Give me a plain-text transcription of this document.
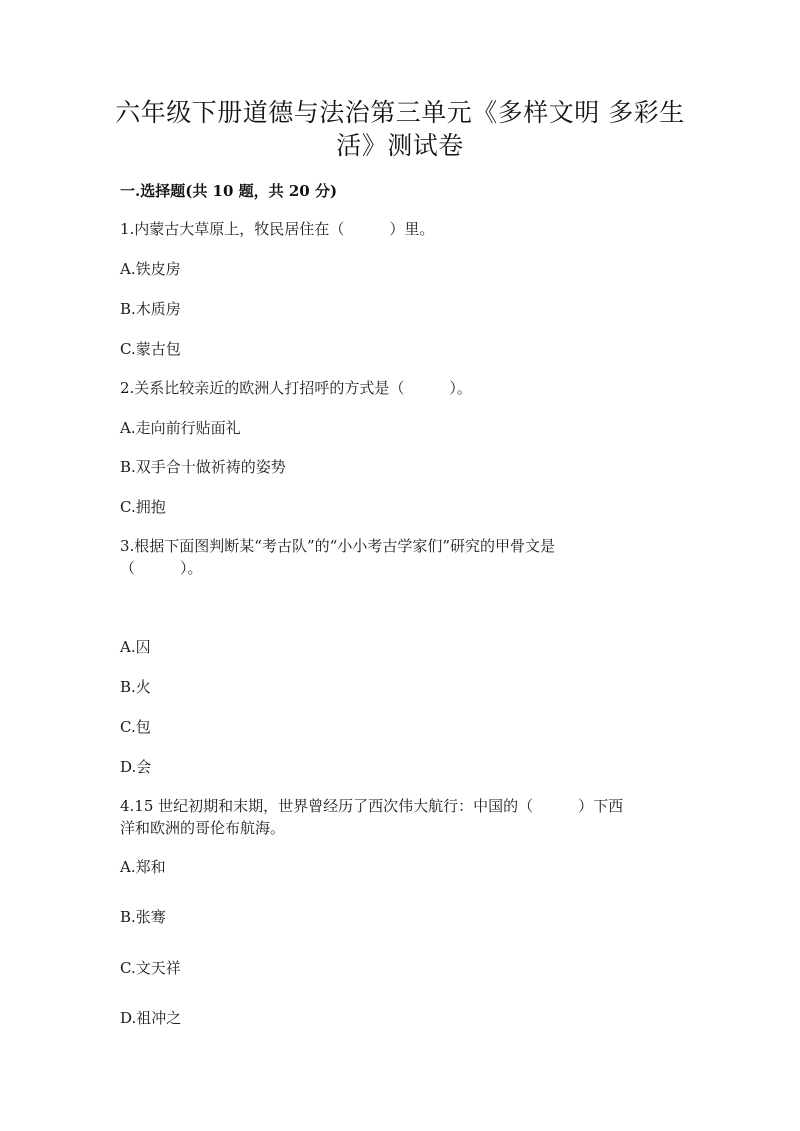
六年级下册道德与法治第三单元《多样文明 多彩生
活》测试卷
一.选择题(共 10 题，共 20 分)
1.内蒙古大草原上，牧民居住在（　　　）里。
A.铁皮房
B.木质房
C.蒙古包
2.关系比较亲近的欧洲人打招呼的方式是（　　　）。
A.走向前行贴面礼
B.双手合十做祈祷的姿势
C.拥抱
3.根据下面图判断某“考古队”的“小小考古学家们”研究的甲骨文是
（　　　）。
A.囚
B.火
C.包
D.会
4.15 世纪初期和末期，世界曾经历了西次伟大航行：中国的（　　　）下西
洋和欧洲的哥伦布航海。
A.郑和
B.张骞
C.文天祥
D.祖冲之
